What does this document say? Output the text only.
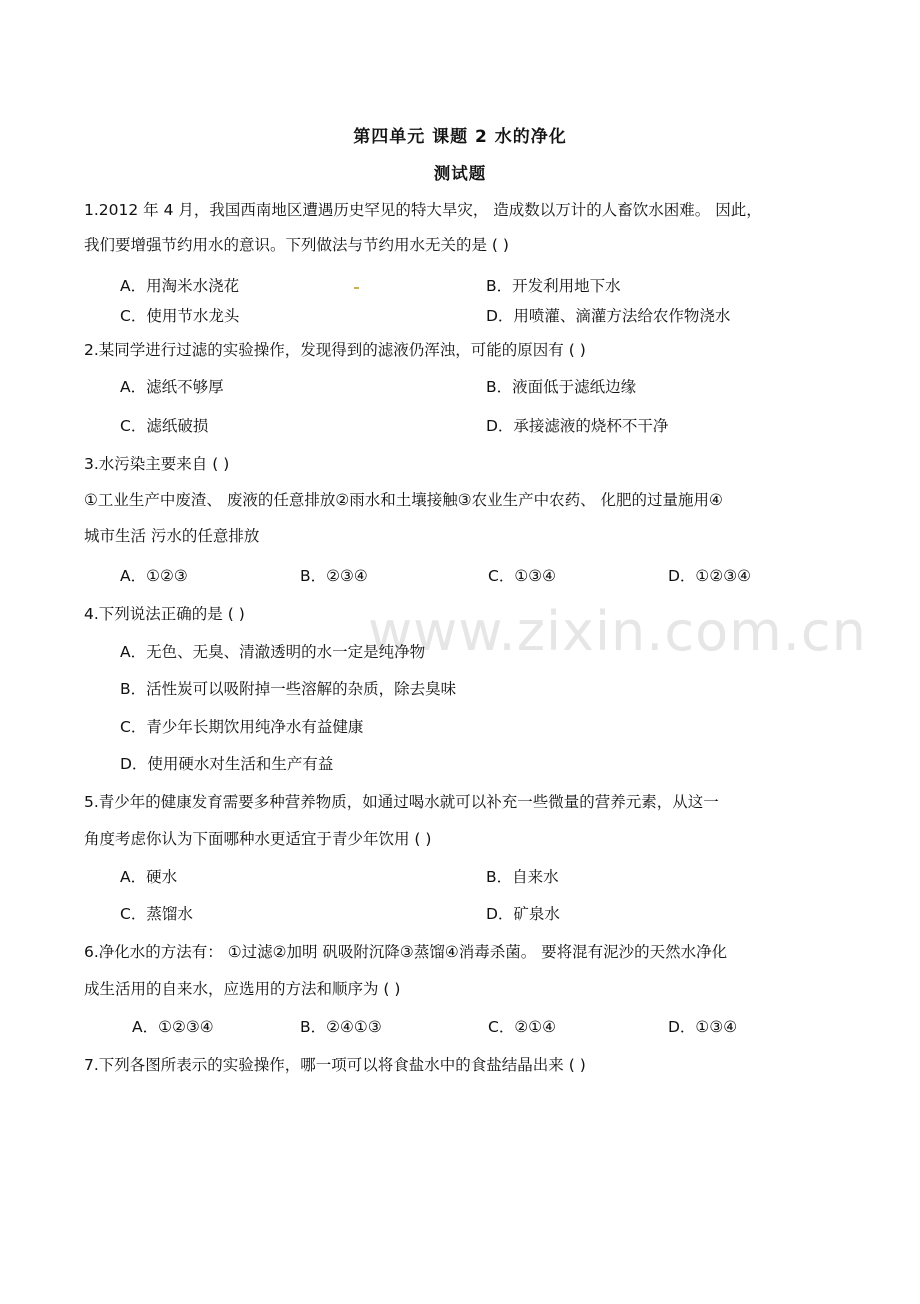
www.zixin.com.cn
第四单元 课题 2 水的净化
测试题
1.2012 年 4 月，我国西南地区遭遇历史罕见的特大旱灾， 造成数以万计的人畜饮水困难。 因此，
我们要增强节约用水的意识。下列做法与节约用水无关的是 ( )
A．用淘米水浇花	B．开发利用地下水
C．使用节水龙头	D．用喷灌、滴灌方法给农作物浇水
2.某同学进行过滤的实验操作，发现得到的滤液仍浑浊，可能的原因有 ( )
A．滤纸不够厚	B．液面低于滤纸边缘
C．滤纸破损	D．承接滤液的烧杯不干净
3.水污染主要来自 ( )
①工业生产中废渣、 废液的任意排放②雨水和土壤接触③农业生产中农药、 化肥的过量施用④
城市生活 污水的任意排放
A．①②③	B．②③④	C．①③④	D．①②③④
4.下列说法正确的是 ( )
A．无色、无臭、清澈透明的水一定是纯净物
B．活性炭可以吸附掉一些溶解的杂质，除去臭味
C．青少年长期饮用纯净水有益健康
D．使用硬水对生活和生产有益
5.青少年的健康发育需要多种营养物质，如通过喝水就可以补充一些微量的营养元素，从这一
角度考虑你认为下面哪种水更适宜于青少年饮用 ( )
A．硬水	B．自来水
C．蒸馏水	D．矿泉水
6.净化水的方法有： ①过滤②加明 矾吸附沉降③蒸馏④消毒杀菌。 要将混有泥沙的天然水净化
成生活用的自来水，应选用的方法和顺序为 ( )
A．①②③④	B．②④①③	C．②①④	D．①③④
7.下列各图所表示的实验操作，哪一项可以将食盐水中的食盐结晶出来 ( )
